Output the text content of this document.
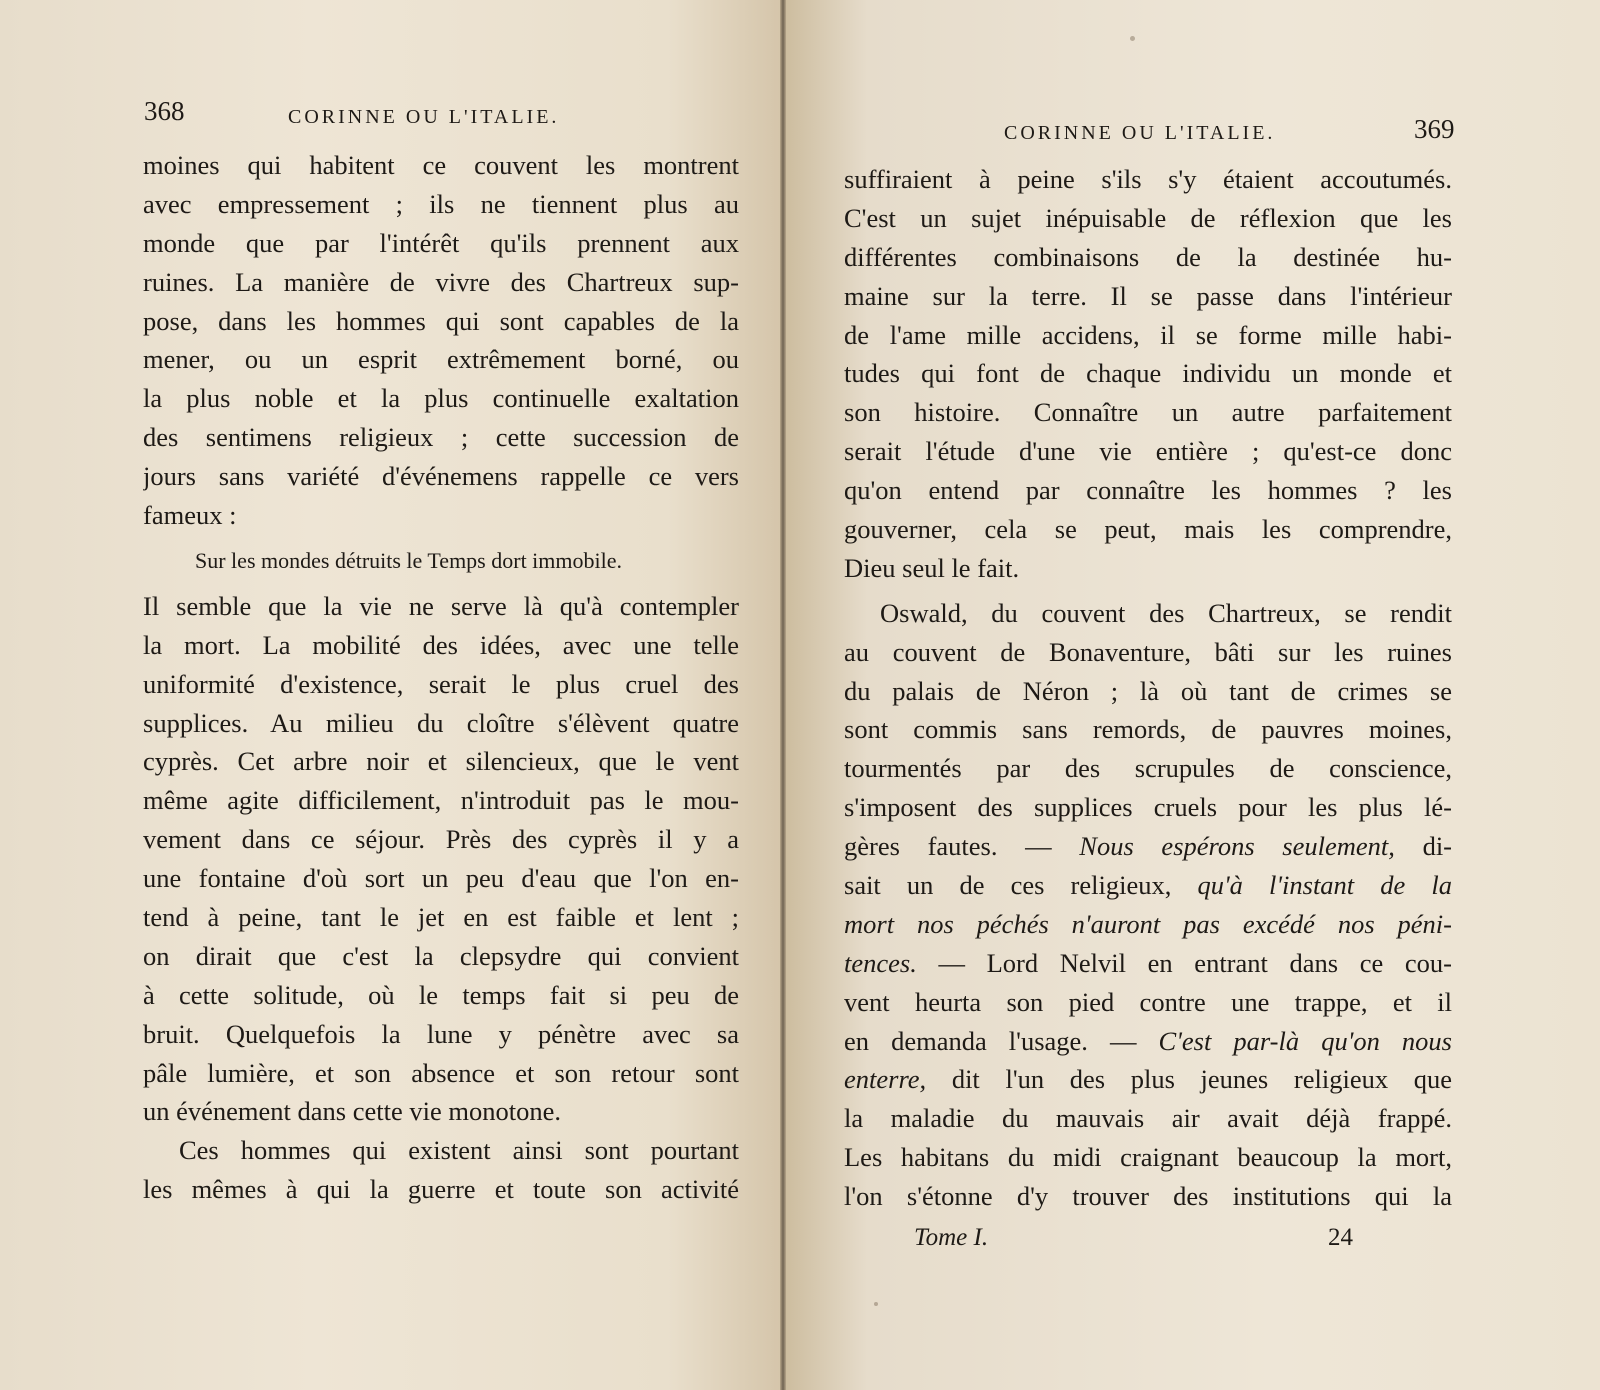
368	CORINNE OU L'ITALIE.
moines qui habitent ce couvent les montrent
avec empressement ; ils ne tiennent plus au
monde que par l'intérêt qu'ils prennent aux
ruines. La manière de vivre des Chartreux sup-
pose, dans les hommes qui sont capables de la
mener, ou un esprit extrêmement borné, ou
la plus noble et la plus continuelle exaltation
des sentimens religieux ; cette succession de
jours sans variété d'événemens rappelle ce vers
fameux :
Sur les mondes détruits le Temps dort immobile.
Il semble que la vie ne serve là qu'à contempler
la mort. La mobilité des idées, avec une telle
uniformité d'existence, serait le plus cruel des
supplices. Au milieu du cloître s'élèvent quatre
cyprès. Cet arbre noir et silencieux, que le vent
même agite difficilement, n'introduit pas le mou-
vement dans ce séjour. Près des cyprès il y a
une fontaine d'où sort un peu d'eau que l'on en-
tend à peine, tant le jet en est faible et lent ;
on dirait que c'est la clepsydre qui convient
à cette solitude, où le temps fait si peu de
bruit. Quelquefois la lune y pénètre avec sa
pâle lumière, et son absence et son retour sont
un événement dans cette vie monotone.
Ces hommes qui existent ainsi sont pourtant
les mêmes à qui la guerre et toute son activité
CORINNE OU L'ITALIE.	369
suffiraient à peine s'ils s'y étaient accoutumés.
C'est un sujet inépuisable de réflexion que les
différentes combinaisons de la destinée hu-
maine sur la terre. Il se passe dans l'intérieur
de l'ame mille accidens, il se forme mille habi-
tudes qui font de chaque individu un monde et
son histoire. Connaître un autre parfaitement
serait l'étude d'une vie entière ; qu'est-ce donc
qu'on entend par connaître les hommes ? les
gouverner, cela se peut, mais les comprendre,
Dieu seul le fait.
Oswald, du couvent des Chartreux, se rendit
au couvent de Bonaventure, bâti sur les ruines
du palais de Néron ; là où tant de crimes se
sont commis sans remords, de pauvres moines,
tourmentés par des scrupules de conscience,
s'imposent des supplices cruels pour les plus lé-
gères fautes. — Nous espérons seulement, di-
sait un de ces religieux, qu'à l'instant de la
mort nos péchés n'auront pas excédé nos péni-
tences. — Lord Nelvil en entrant dans ce cou-
vent heurta son pied contre une trappe, et il
en demanda l'usage. — C'est par-là qu'on nous
enterre, dit l'un des plus jeunes religieux que
la maladie du mauvais air avait déjà frappé.
Les habitans du midi craignant beaucoup la mort,
l'on s'étonne d'y trouver des institutions qui la
Tome I.	24
